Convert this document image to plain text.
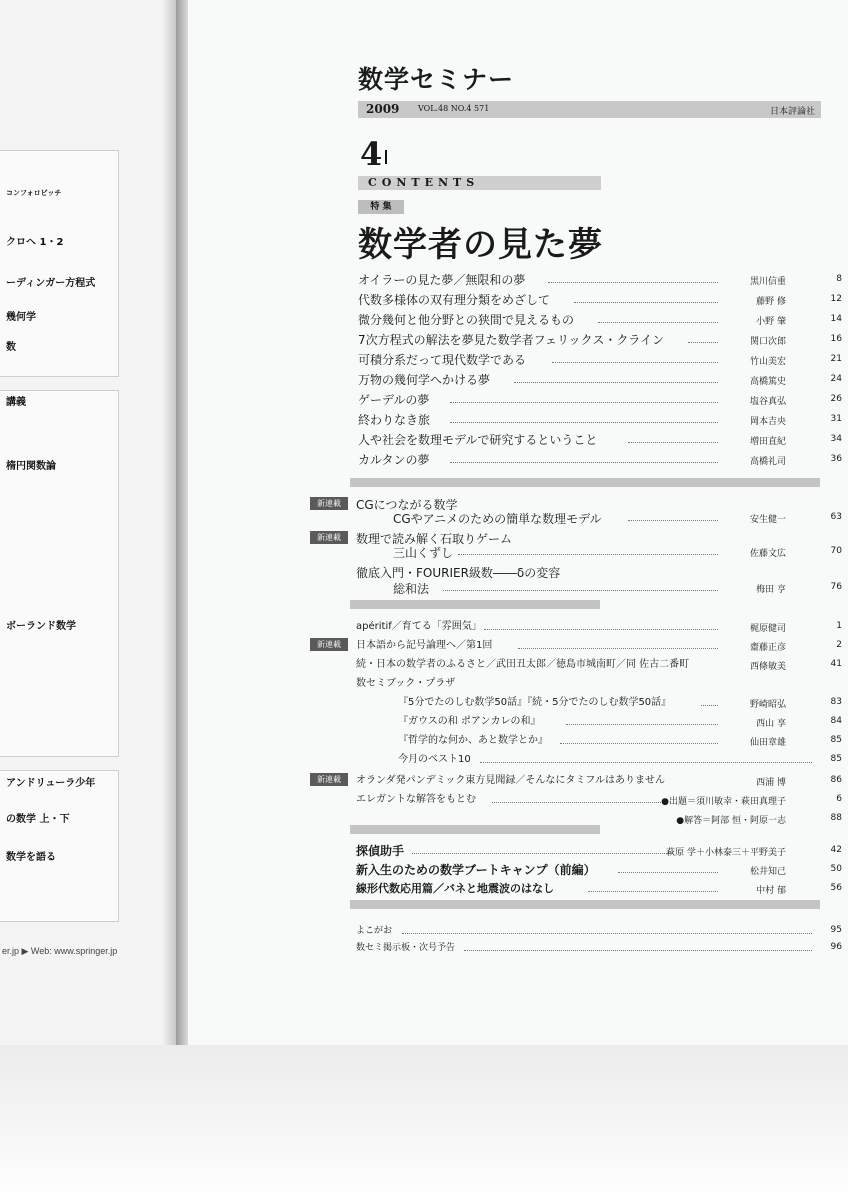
コンフォロビッチ

クロへ 1・2
ーディンガー方程式
幾何学
数
講義
楕円関数論
ボーランド数学
アンドリューラ少年
の数学 上・下
数学を語る
er.jp ▶ Web: www.springer.jp
数学セミナー
2009 VOL.48 NO.4 571	日本評論社
4
CONTENTS
特 集
数学者の見た夢
オイラーの見た夢／無限和の夢	黒川信重	8
代数多様体の双有理分類をめざして	藤野 修	12
微分幾何と他分野との狭間で見えるもの	小野 肇	14
7次方程式の解法を夢見た数学者フェリックス・クライン	関口次郎	16
可積分系だって現代数学である	竹山美宏	21
万物の幾何学へかける夢	高橋篤史	24
ゲーデルの夢	塩谷真弘	26
終わりなき旅	岡本吉央	31
人や社会を数理モデルで研究するということ	増田直紀	34
カルタンの夢	高橋礼司	36
新連載	CGにつながる数学
CGやアニメのための簡単な数理モデル	安生健一	63
新連載	数理で読み解く石取りゲーム
三山くずし	佐藤文広	70
徹底入門・FOURIER級数――δの変容
総和法	梅田 亨	76
apéritif／育てる「雰囲気」	梶原健司	1
新連載	日本語から記号論理へ／第1回	齋藤正彦	2
続・日本の数学者のふるさと／武田丑太郎／徳島市城南町／同 佐古二番町	西條敏美	41
数セミブック・プラザ
『5分でたのしむ数学50話』『続・5分でたのしむ数学50話』	野崎昭弘	83
『ガウスの和 ポアンカレの和』	西山 享	84
『哲学的な何か、あと数学とか』	仙田章雄	85
今月のベスト10	85
新連載	オランダ発パンデミック東方見聞録／そんなにタミフルはありません	西浦 博	86
エレガントな解答をもとむ	●出題＝須川敏幸・萩田真理子	6
●解答＝阿部 恒・阿原一志	88
探偵助手	萩原 学＋小林泰三＋平野美子	42
新入生のための数学ブートキャンプ（前編）	松井知己	50
線形代数応用篇／バネと地震波のはなし	中村 郁	56
よこがお	95
数セミ掲示板・次号予告	96
